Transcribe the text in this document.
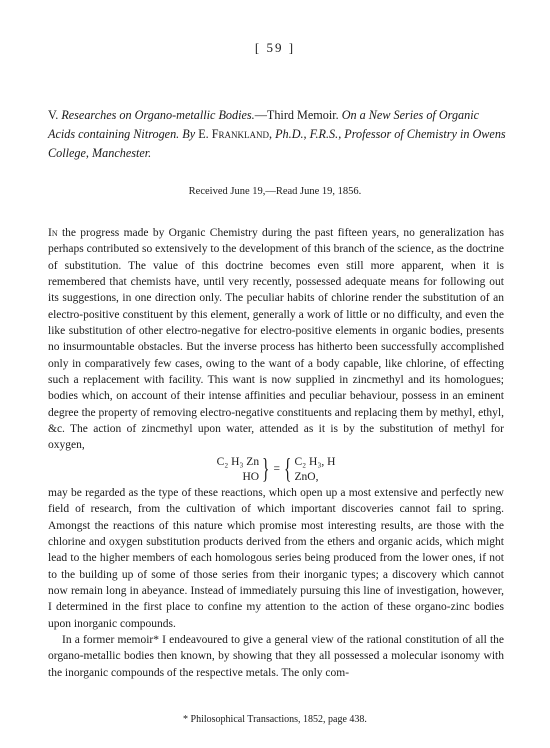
[ 59 ]
V. Researches on Organo-metallic Bodies.—Third Memoir. On a New Series of Organic Acids containing Nitrogen. By E. Frankland, Ph.D., F.R.S., Professor of Chemistry in Owens College, Manchester.
Received June 19,—Read June 19, 1856.

In the progress made by Organic Chemistry during the past fifteen years, no generalization has perhaps contributed so extensively to the development of this branch of the science, as the doctrine of substitution. The value of this doctrine becomes even still more apparent, when it is remembered that chemists have, until very recently, possessed adequate means for following out its suggestions, in one direction only. The peculiar habits of chlorine render the substitution of an electro-positive constituent by this element, generally a work of little or no difficulty, and even the like substitution of other electro-negative for electro-positive elements in organic bodies, presents no insurmountable obstacles. But the inverse process has hitherto been successfully accomplished only in comparatively few cases, owing to the want of a body capable, like chlorine, of effecting such a replacement with facility. This want is now supplied in zincmethyl and its homologues; bodies which, on account of their intense affinities and peculiar behaviour, possess in an eminent degree the property of removing electro-negative constituents and replacing them by methyl, ethyl, &c. The action of zincmethyl upon water, attended as it is by the substitution of methyl for oxygen,

C₂ H₃ Zn
HO } = { C₂ H₃, H
ZnO,

may be regarded as the type of these reactions, which open up a most extensive and perfectly new field of research, from the cultivation of which important discoveries cannot fail to spring. Amongst the reactions of this nature which promise most interesting results, are those with the chlorine and oxygen substitution products derived from the ethers and organic acids, which might lead to the higher members of each homologous series being produced from the lower ones, if not to the building up of some of those series from their inorganic types; a discovery which cannot now remain long in abeyance. Instead of immediately pursuing this line of investigation, however, I determined in the first place to confine my attention to the action of these organo-zinc bodies upon inorganic compounds.

In a former memoir* I endeavoured to give a general view of the rational constitution of all the organo-metallic bodies then known, by showing that they all possessed a molecular isonomy with the inorganic compounds of the respective metals. The only com-

* Philosophical Transactions, 1852, page 438.
